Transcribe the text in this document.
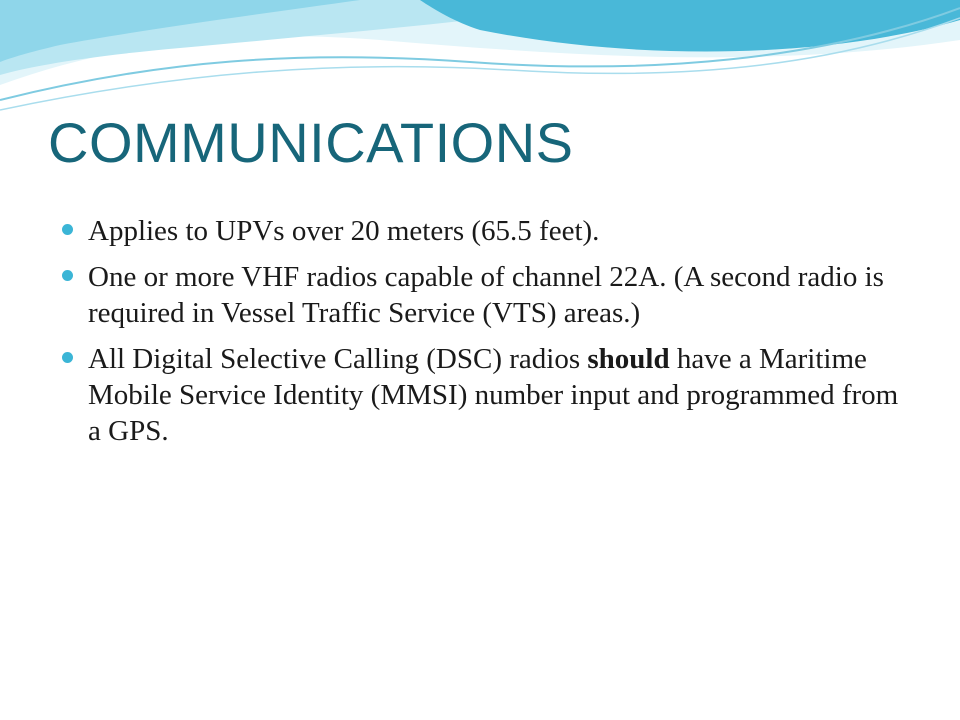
COMMUNICATIONS
Applies to UPVs over 20 meters (65.5 feet).
One or more VHF radios capable of channel 22A. (A second radio is required in Vessel Traffic Service (VTS) areas.)
All Digital Selective Calling (DSC) radios should have a Maritime Mobile Service Identity (MMSI) number input and programmed from a GPS.
